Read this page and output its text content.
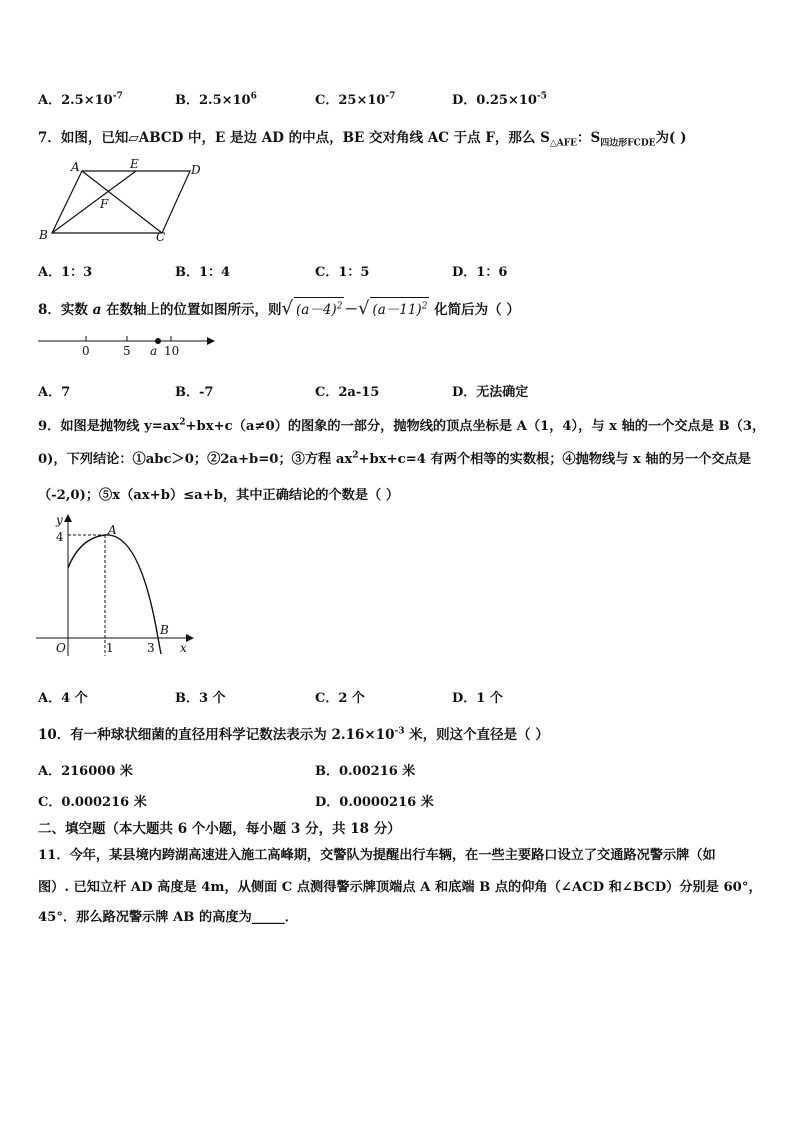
A．$2.5\times 10^{-7}$	B．$2.5\times 10^6$	C．$25\times 10^{-7}$	D．$0.25\times 10^{-5}$
7．如图，已知▱ABCD 中，E 是边 AD 的中点，BE 交对角线 AC 于点 F，那么 $S_{\triangle AFE}$：$S_{四边形FCDE}$为( )
A	E	D
F
B	C
A．1：3	B．1：4	C．1：5	D．1：6
8．实数 a 在数轴上的位置如图所示，则√ $(a-4)^2$ －√ $(a-11)^2$ 化简后为（ ）
0	5 a 10
A．7	B．-7	C．2a-15	D．无法确定
9．如图是抛物线 $y=ax^2+bx+c(a\ne 0)$的图象的一部分，抛物线的顶点坐标是 A（1，4），与 x 轴的一个交点是 B（3，
0)，下列结论：①abc＞0；②2a+b=0；③方程 $ax^2+bx+c=4$ 有两个相等的实数根；④抛物线与 x 轴的另一个交点是
（-2,0)；⑤x（ax+b）≤a+b，其中正确结论的个数是（ ）
y
4	A
B
O	1	3 x
A．4 个	B．3 个	C．2 个	D．1 个
10．有一种球状细菌的直径用科学记数法表示为 $2.16\times 10^{-3}$ 米，则这个直径是（ ）
A．216000 米	B．0.00216 米
C．0.000216 米	D．0.0000216 米
二、填空题（本大题共 6 个小题，每小题 3 分，共 18 分）
11．今年，某县境内跨湖高速进入施工高峰期，交警队为提醒出行车辆，在一些主要路口设立了交通路况警示牌（如
图）. 已知立杆 AD 高度是 4m，从侧面 C 点测得警示牌顶端点 A 和底端 B 点的仰角（∠ACD 和∠BCD）分别是 60°，
45°．那么路况警示牌 AB 的高度为_____．
